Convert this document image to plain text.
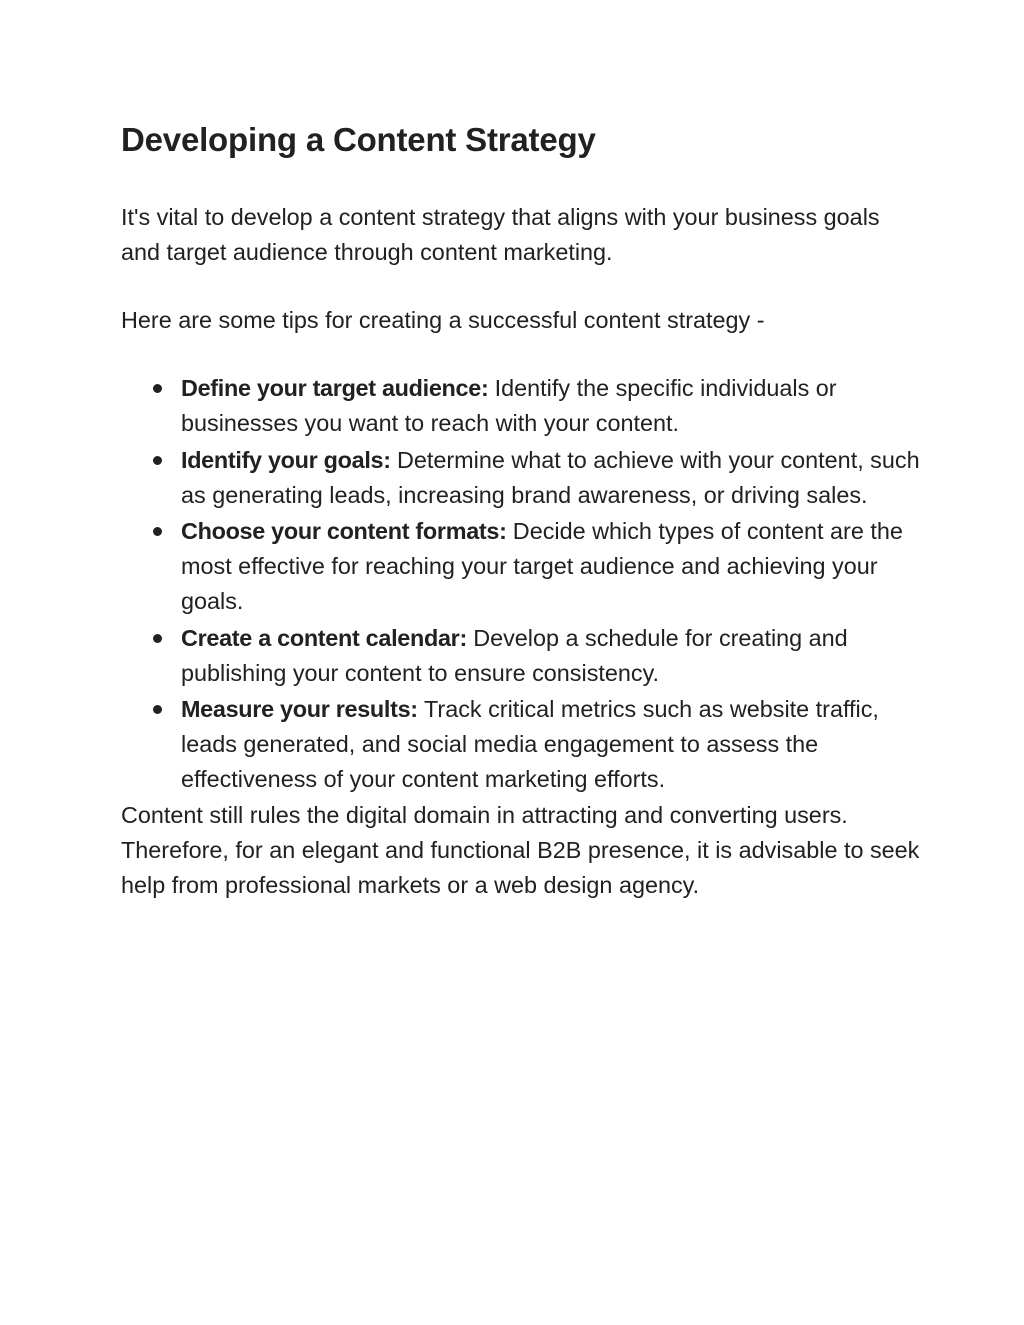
Developing a Content Strategy

It's vital to develop a content strategy that aligns with your business goals and target audience through content marketing.

Here are some tips for creating a successful content strategy -

Define your target audience: Identify the specific individuals or businesses you want to reach with your content.
Identify your goals: Determine what to achieve with your content, such as generating leads, increasing brand awareness, or driving sales.
Choose your content formats: Decide which types of content are the most effective for reaching your target audience and achieving your goals.
Create a content calendar: Develop a schedule for creating and publishing your content to ensure consistency.
Measure your results: Track critical metrics such as website traffic, leads generated, and social media engagement to assess the effectiveness of your content marketing efforts.

Content still rules the digital domain in attracting and converting users. Therefore, for an elegant and functional B2B presence, it is advisable to seek help from professional markets or a web design agency.
